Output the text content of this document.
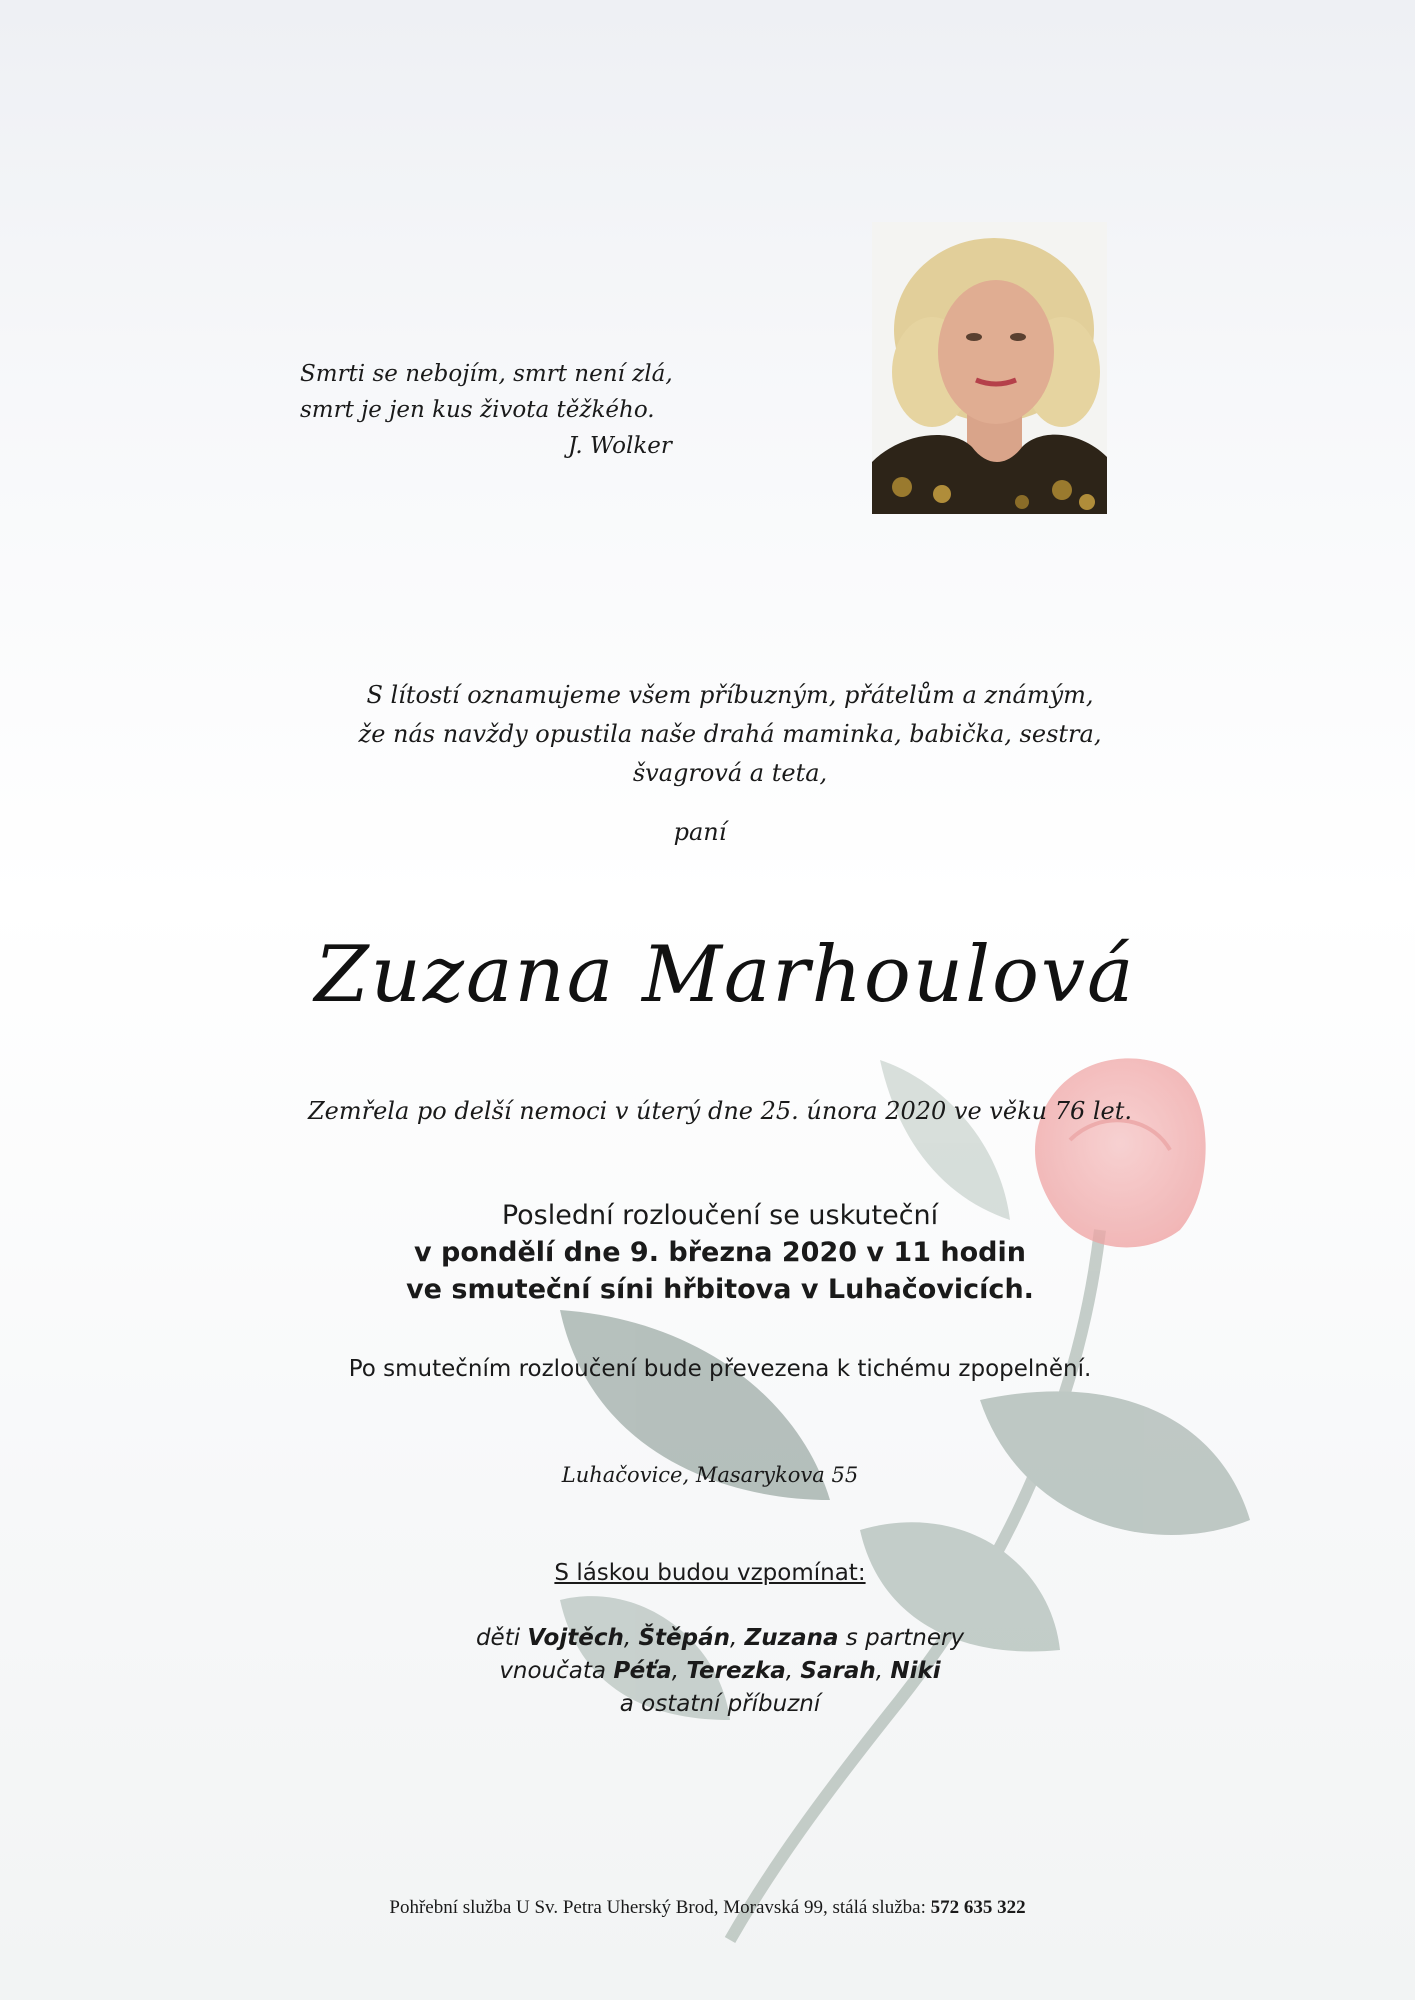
Smrti se nebojím, smrt není zlá,
smrt je jen kus života těžkého.
J. Wolker
S lítostí oznamujeme všem příbuzným, přátelům a známým,
že nás navždy opustila naše drahá maminka, babička, sestra,
švagrová a teta,
paní
Zuzana Marhoulová
Zemřela po delší nemoci v úterý dne 25. února 2020 ve věku 76 let.
Poslední rozloučení se uskuteční
v pondělí dne 9. března 2020 v 11 hodin
ve smuteční síni hřbitova v Luhačovicích.
Po smutečním rozloučení bude převezena k tichému zpopelnění.
Luhačovice, Masarykova 55
S láskou budou vzpomínat:
děti Vojtěch, Štěpán, Zuzana s partnery
vnoučata Péťa, Terezka, Sarah, Niki
a ostatní příbuzní
Pohřební služba U Sv. Petra Uherský Brod, Moravská 99, stálá služba: 572 635 322
